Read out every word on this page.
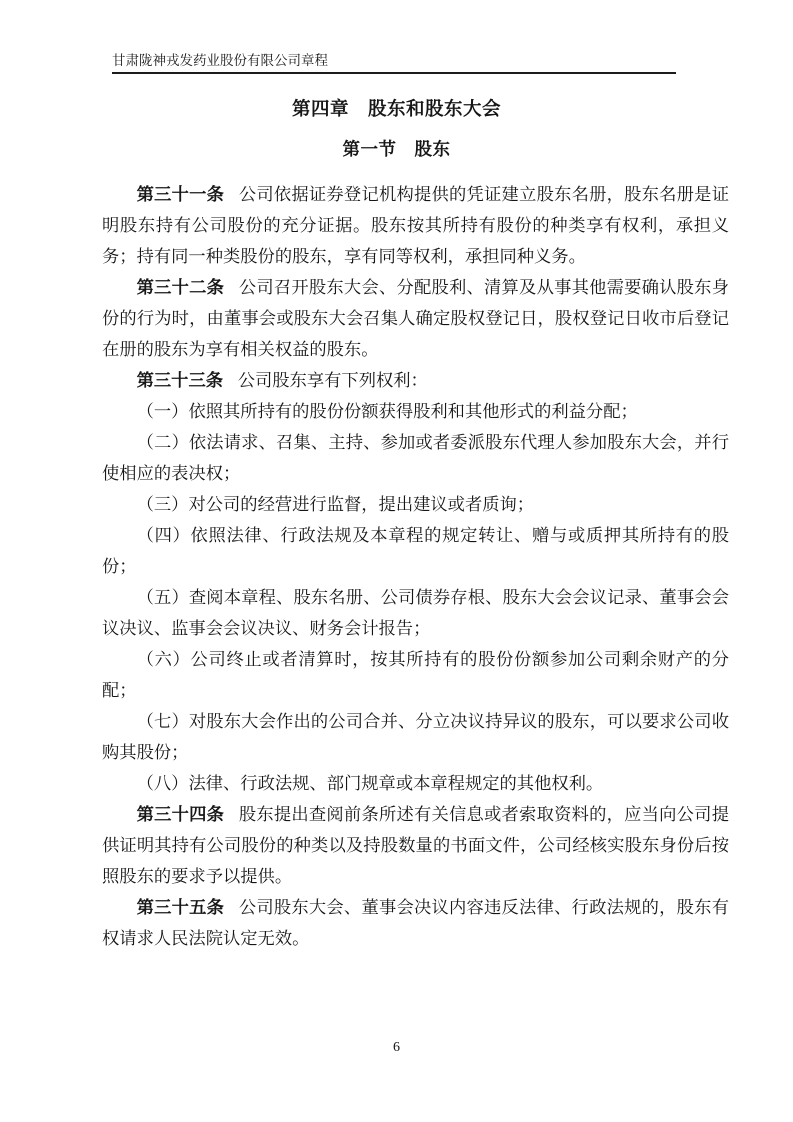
甘肃陇神戎发药业股份有限公司章程
第四章　股东和股东大会
第一节　股东

第三十一条 公司依据证券登记机构提供的凭证建立股东名册，股东名册是证明股东持有公司股份的充分证据。股东按其所持有股份的种类享有权利，承担义务；持有同一种类股份的股东，享有同等权利，承担同种义务。

第三十二条 公司召开股东大会、分配股利、清算及从事其他需要确认股东身份的行为时，由董事会或股东大会召集人确定股权登记日，股权登记日收市后登记在册的股东为享有相关权益的股东。

第三十三条 公司股东享有下列权利：

（一）依照其所持有的股份份额获得股利和其他形式的利益分配；

（二）依法请求、召集、主持、参加或者委派股东代理人参加股东大会，并行使相应的表决权；

（三）对公司的经营进行监督，提出建议或者质询；

（四）依照法律、行政法规及本章程的规定转让、赠与或质押其所持有的股份；

（五）查阅本章程、股东名册、公司债券存根、股东大会会议记录、董事会会议决议、监事会会议决议、财务会计报告；

（六）公司终止或者清算时，按其所持有的股份份额参加公司剩余财产的分配；

（七）对股东大会作出的公司合并、分立决议持异议的股东，可以要求公司收购其股份；

（八）法律、行政法规、部门规章或本章程规定的其他权利。

第三十四条 股东提出查阅前条所述有关信息或者索取资料的，应当向公司提供证明其持有公司股份的种类以及持股数量的书面文件，公司经核实股东身份后按照股东的要求予以提供。

第三十五条 公司股东大会、董事会决议内容违反法律、行政法规的，股东有权请求人民法院认定无效。

6
